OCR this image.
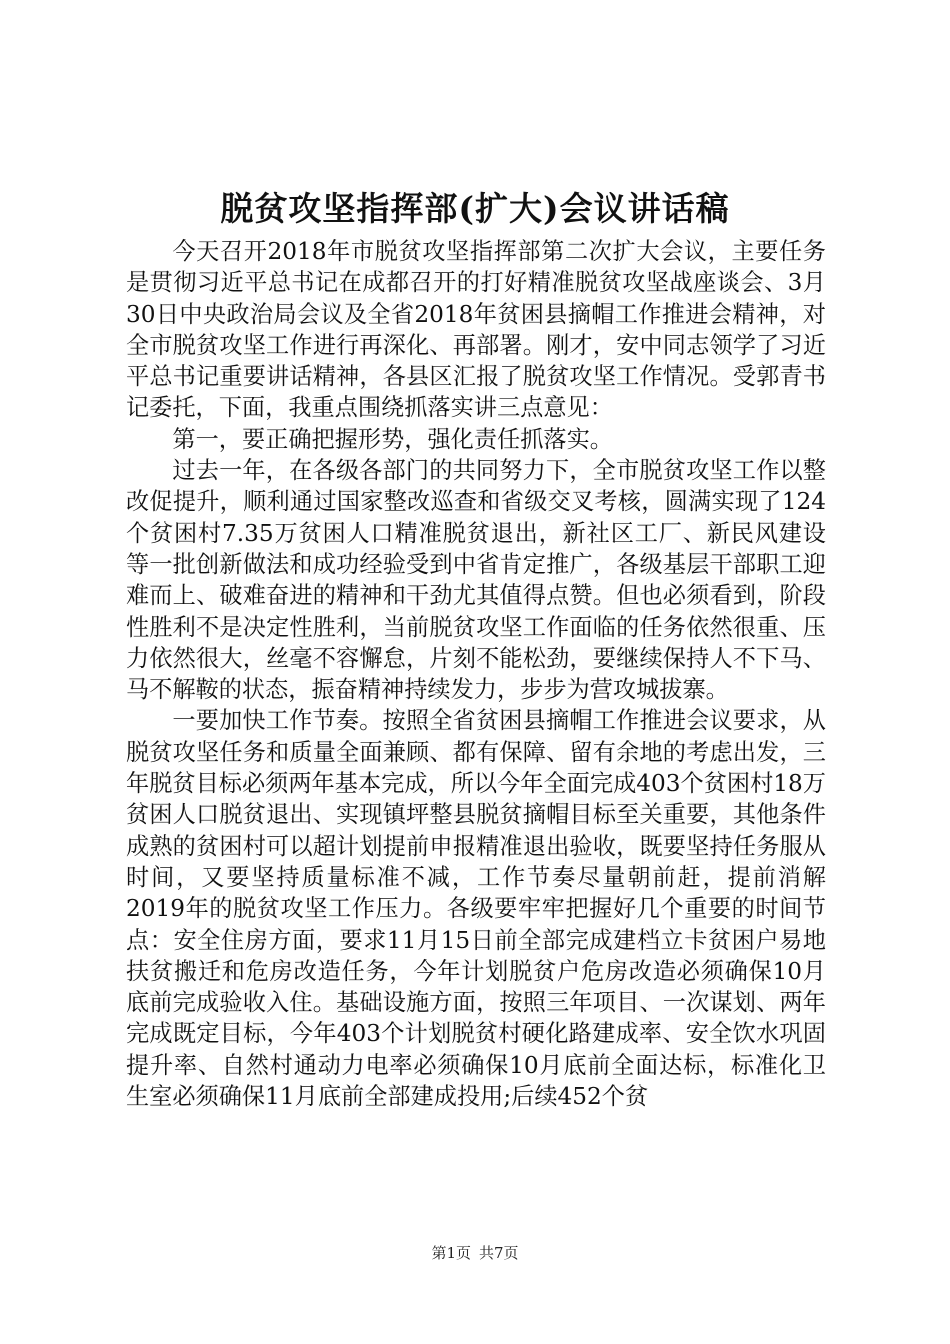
脱贫攻坚指挥部(扩大)会议讲话稿

今天召开2018年市脱贫攻坚指挥部第二次扩大会议，主要任务是贯彻习近平总书记在成都召开的打好精准脱贫攻坚战座谈会、3月30日中央政治局会议及全省2018年贫困县摘帽工作推进会精神，对全市脱贫攻坚工作进行再深化、再部署。刚才，安中同志领学了习近平总书记重要讲话精神，各县区汇报了脱贫攻坚工作情况。受郭青书记委托，下面，我重点围绕抓落实讲三点意见：

第一，要正确把握形势，强化责任抓落实。

过去一年，在各级各部门的共同努力下，全市脱贫攻坚工作以整改促提升，顺利通过国家整改巡查和省级交叉考核，圆满实现了124个贫困村7.35万贫困人口精准脱贫退出，新社区工厂、新民风建设等一批创新做法和成功经验受到中省肯定推广，各级基层干部职工迎难而上、破难奋进的精神和干劲尤其值得点赞。但也必须看到，阶段性胜利不是决定性胜利，当前脱贫攻坚工作面临的任务依然很重、压力依然很大，丝毫不容懈怠，片刻不能松劲，要继续保持人不下马、马不解鞍的状态，振奋精神持续发力，步步为营攻城拔寨。

一要加快工作节奏。按照全省贫困县摘帽工作推进会议要求，从脱贫攻坚任务和质量全面兼顾、都有保障、留有余地的考虑出发，三年脱贫目标必须两年基本完成，所以今年全面完成403个贫困村18万贫困人口脱贫退出、实现镇坪整县脱贫摘帽目标至关重要，其他条件成熟的贫困村可以超计划提前申报精准退出验收，既要坚持任务服从时间，又要坚持质量标准不减，工作节奏尽量朝前赶，提前消解2019年的脱贫攻坚工作压力。各级要牢牢把握好几个重要的时间节点：安全住房方面，要求11月15日前全部完成建档立卡贫困户易地扶贫搬迁和危房改造任务，今年计划脱贫户危房改造必须确保10月底前完成验收入住。基础设施方面，按照三年项目、一次谋划、两年完成既定目标，今年403个计划脱贫村硬化路建成率、安全饮水巩固提升率、自然村通动力电率必须确保10月底前全面达标，标准化卫生室必须确保11月底前全部建成投用;后续452个贫

第1页 共7页
